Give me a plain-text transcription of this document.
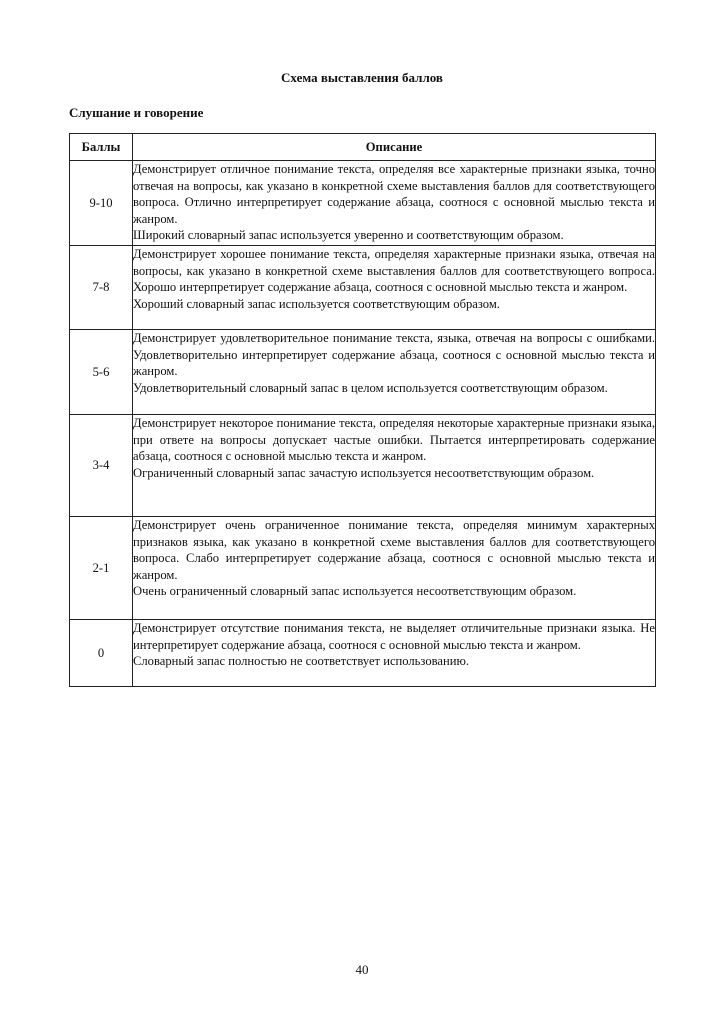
Схема выставления баллов
Слушание и говорение
Баллы	Описание
9-10	Демонстрирует отличное понимание текста, определяя все характерные признаки языка, точно отвечая на вопросы, как указано в конкретной схеме выставления баллов для соответствующего вопроса. Отлично интерпретирует содержание абзаца, соотнося с основной мыслью текста и жанром.

Широкий словарный запас используется уверенно и соответствующим образом.

7-8	Демонстрирует хорошее понимание текста, определяя характерные признаки языка, отвечая на вопросы, как указано в конкретной схеме выставления баллов для соответствующего вопроса. Хорошо интерпретирует содержание абзаца, соотнося с основной мыслью текста и жанром.

Хороший словарный запас используется соответствующим образом.

5-6	Демонстрирует удовлетворительное понимание текста, языка, отвечая на вопросы с ошибками. Удовлетворительно интерпретирует содержание абзаца, соотнося с основной мыслью текста и жанром.

Удовлетворительный словарный запас в целом используется соответствующим образом.

3-4	Демонстрирует некоторое понимание текста, определяя некоторые характерные признаки языка, при ответе на вопросы допускает частые ошибки. Пытается интерпретировать содержание абзаца, соотнося с основной мыслью текста и жанром.

Ограниченный словарный запас зачастую используется несоответствующим образом.

2-1	Демонстрирует очень ограниченное понимание текста, определяя минимум характерных признаков языка, как указано в конкретной схеме выставления баллов для соответствующего вопроса. Слабо интерпретирует содержание абзаца, соотнося с основной мыслью текста и жанром.

Очень ограниченный словарный запас используется несоответствующим образом.

0	Демонстрирует отсутствие понимания текста, не выделяет отличительные признаки языка. Не интерпретирует содержание абзаца, соотнося с основной мыслью текста и жанром.

Словарный запас полностью не соответствует использованию.

40
